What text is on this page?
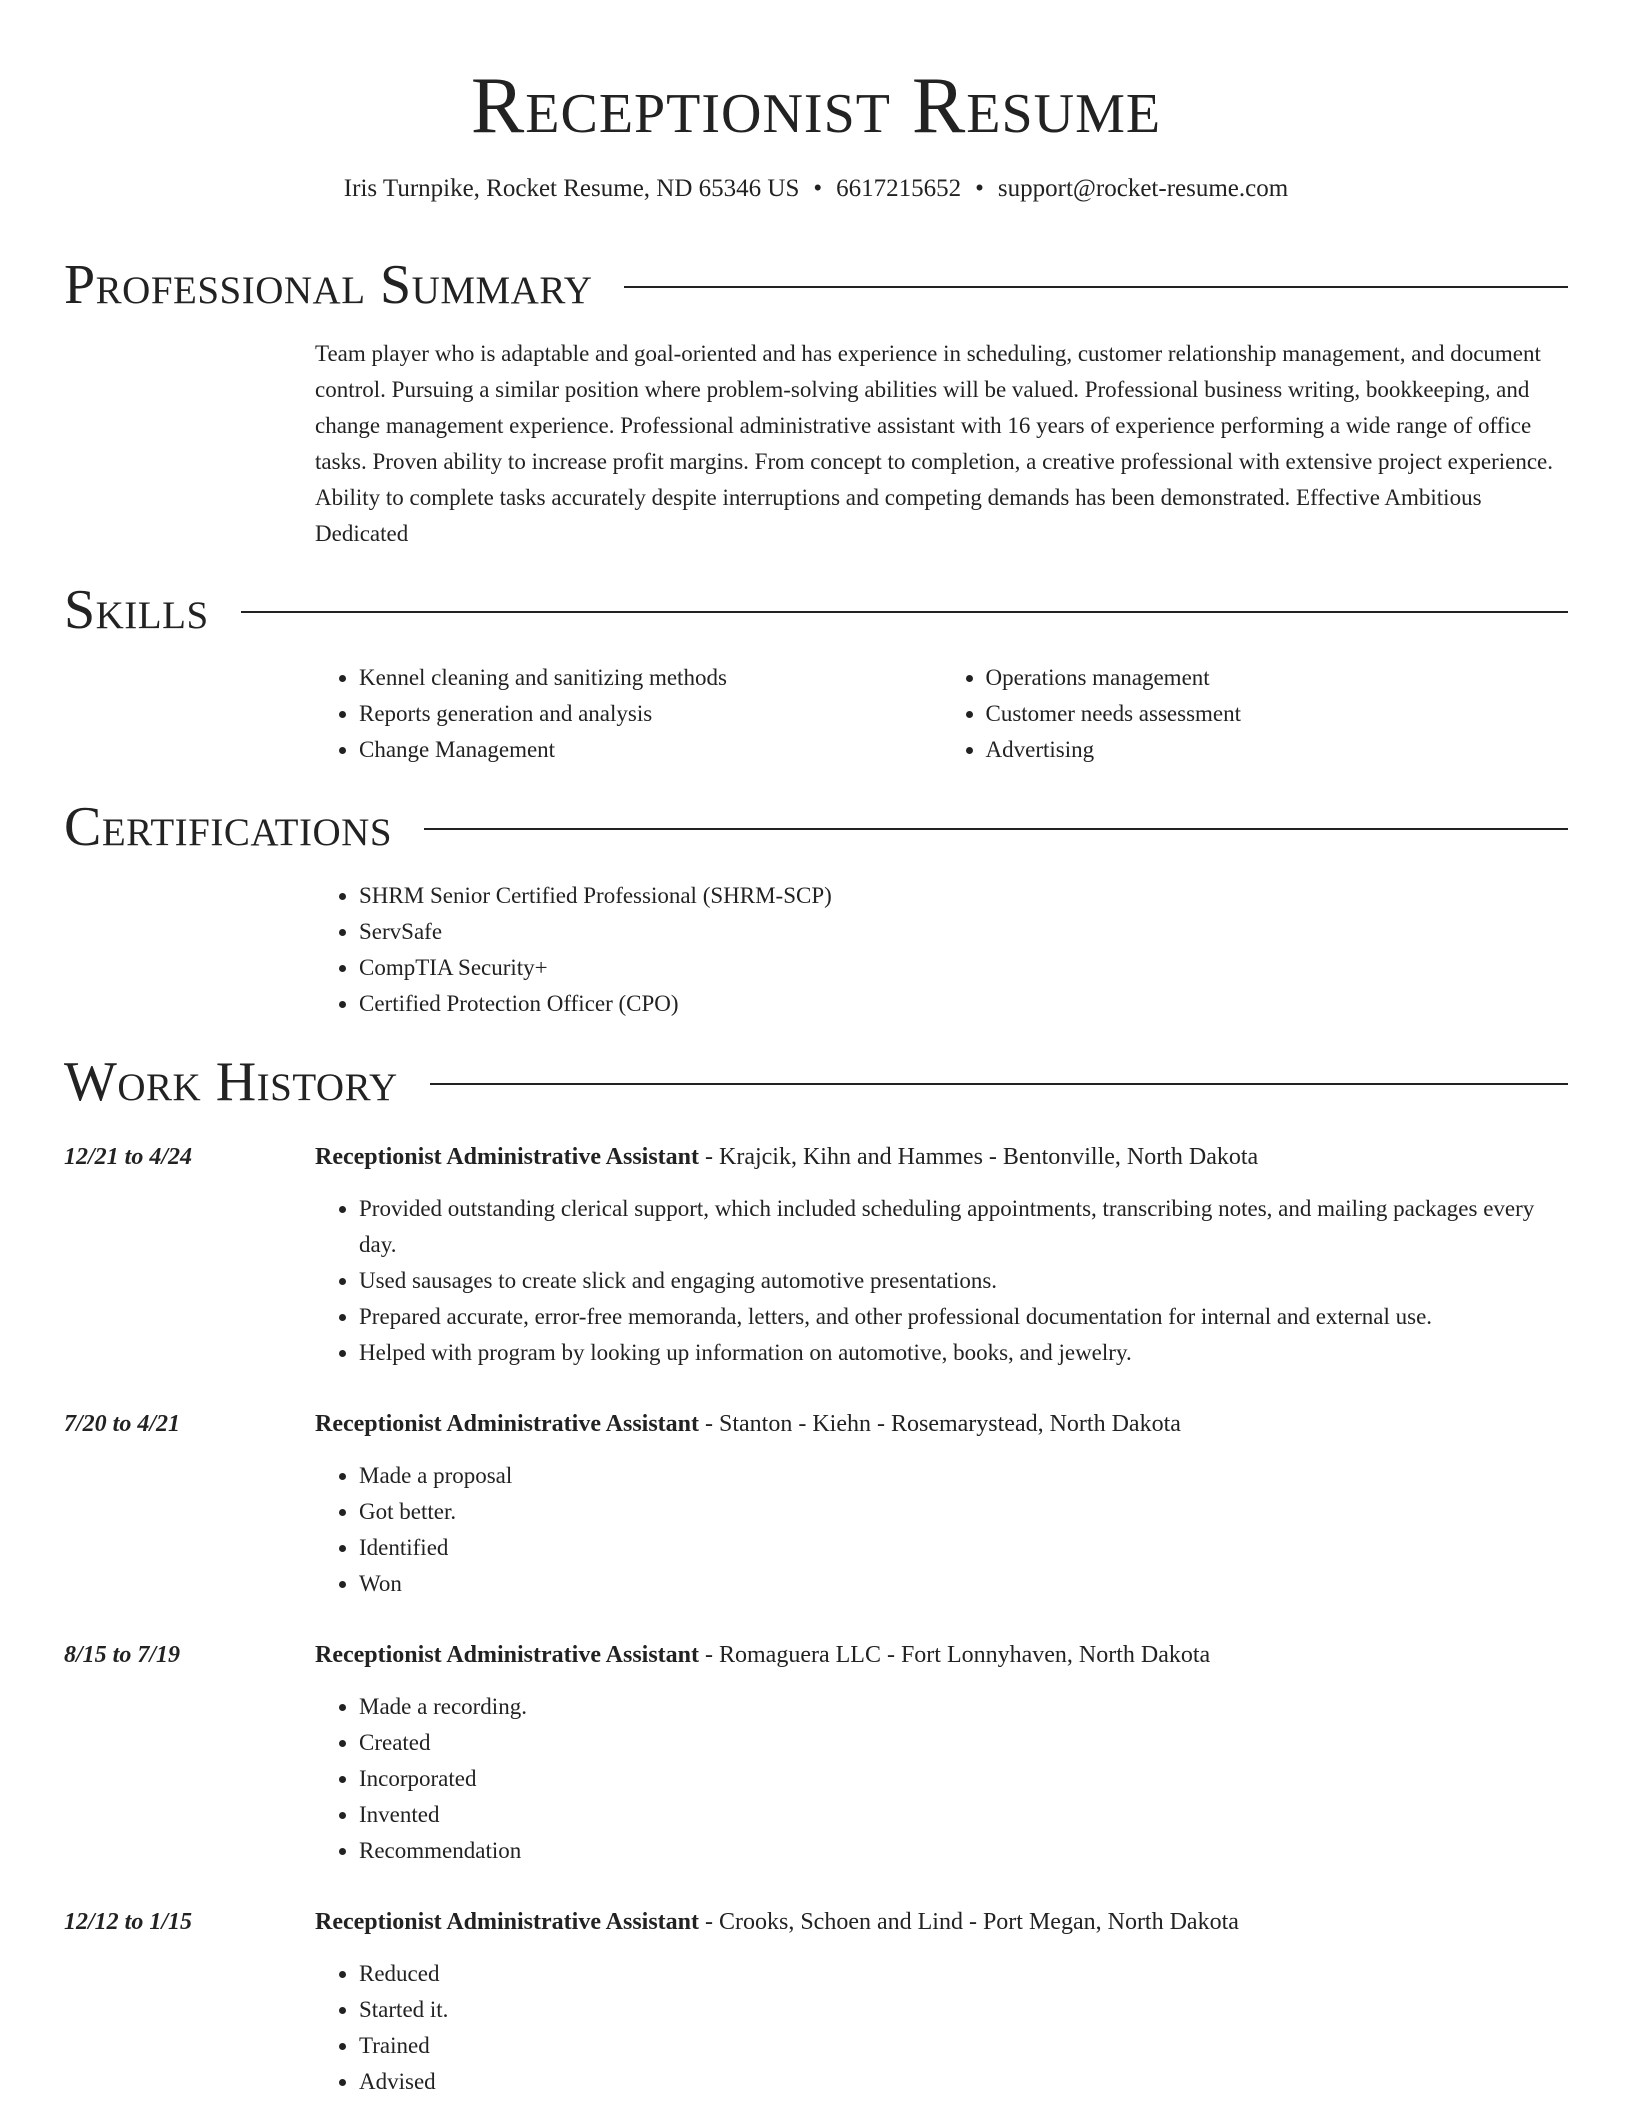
Receptionist Resume
Iris Turnpike, Rocket Resume, ND 65346 US • 6617215652 • support@rocket-resume.com
Professional Summary

Team player who is adaptable and goal-oriented and has experience in scheduling, customer relationship management, and document control. Pursuing a similar position where problem-solving abilities will be valued. Professional business writing, bookkeeping, and change management experience. Professional administrative assistant with 16 years of experience performing a wide range of office tasks. Proven ability to increase profit margins. From concept to completion, a creative professional with extensive project experience. Ability to complete tasks accurately despite interruptions and competing demands has been demonstrated. Effective Ambitious Dedicated

Skills
• Kennel cleaning and sanitizing methods
• Reports generation and analysis
• Change Management
• Operations management
• Customer needs assessment
• Advertising
Certifications
• SHRM Senior Certified Professional (SHRM-SCP)
• ServSafe
• CompTIA Security+
• Certified Protection Officer (CPO)
Work History
12/21 to 4/24	Receptionist Administrative Assistant - Krajcik, Kihn and Hammes - Bentonville, North Dakota
• Provided outstanding clerical support, which included scheduling appointments, transcribing notes, and mailing packages every day.
• Used sausages to create slick and engaging automotive presentations.
• Prepared accurate, error-free memoranda, letters, and other professional documentation for internal and external use.
• Helped with program by looking up information on automotive, books, and jewelry.
7/20 to 4/21	Receptionist Administrative Assistant - Stanton - Kiehn - Rosemarystead, North Dakota
• Made a proposal
• Got better.
• Identified
• Won
8/15 to 7/19	Receptionist Administrative Assistant - Romaguera LLC - Fort Lonnyhaven, North Dakota
• Made a recording.
• Created
• Incorporated
• Invented
• Recommendation
12/12 to 1/15	Receptionist Administrative Assistant - Crooks, Schoen and Lind - Port Megan, North Dakota
• Reduced
• Started it.
• Trained
• Advised
